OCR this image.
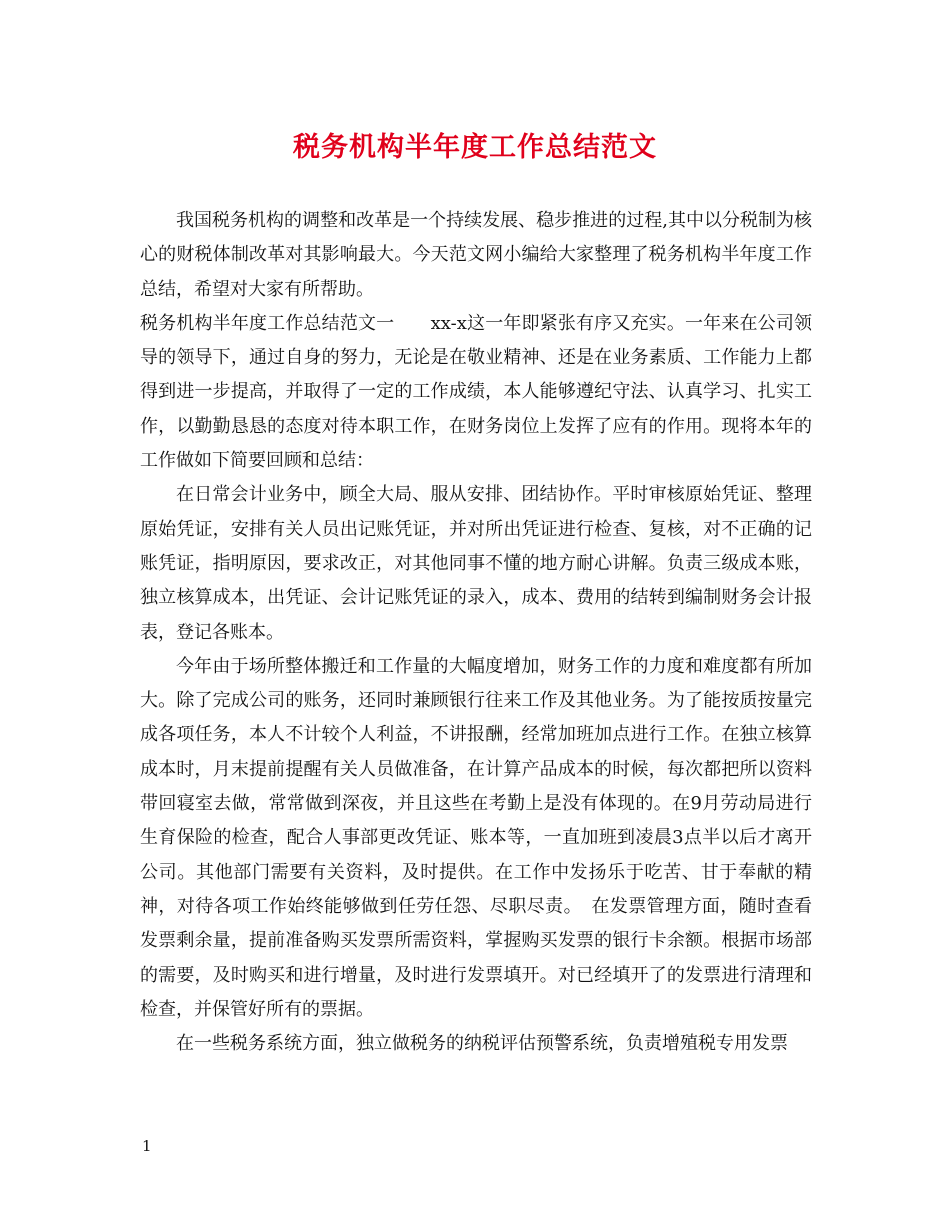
税务机构半年度工作总结范文

我国税务机构的调整和改革是一个持续发展、稳步推进的过程,其中以分税制为核心的财税体制改革对其影响最大。今天范文网小编给大家整理了税务机构半年度工作总结，希望对大家有所帮助。

税务机构半年度工作总结范文一　　xx-x这一年即紧张有序又充实。一年来在公司领导的领导下，通过自身的努力，无论是在敬业精神、还是在业务素质、工作能力上都得到进一步提高，并取得了一定的工作成绩，本人能够遵纪守法、认真学习、扎实工作，以勤勤恳恳的态度对待本职工作，在财务岗位上发挥了应有的作用。现将本年的工作做如下简要回顾和总结：

在日常会计业务中，顾全大局、服从安排、团结协作。平时审核原始凭证、整理原始凭证，安排有关人员出记账凭证，并对所出凭证进行检查、复核，对不正确的记账凭证，指明原因，要求改正，对其他同事不懂的地方耐心讲解。负责三级成本账，独立核算成本，出凭证、会计记账凭证的录入，成本、费用的结转到编制财务会计报表，登记各账本。

今年由于场所整体搬迁和工作量的大幅度增加，财务工作的力度和难度都有所加大。除了完成公司的账务，还同时兼顾银行往来工作及其他业务。为了能按质按量完成各项任务，本人不计较个人利益，不讲报酬，经常加班加点进行工作。在独立核算成本时，月末提前提醒有关人员做准备，在计算产品成本的时候，每次都把所以资料带回寝室去做，常常做到深夜，并且这些在考勤上是没有体现的。在9月劳动局进行生育保险的检查，配合人事部更改凭证、账本等，一直加班到凌晨3点半以后才离开公司。其他部门需要有关资料，及时提供。在工作中发扬乐于吃苦、甘于奉献的精神，对待各项工作始终能够做到任劳任怨、尽职尽责。　在发票管理方面，随时查看发票剩余量，提前准备购买发票所需资料，掌握购买发票的银行卡余额。根据市场部的需要，及时购买和进行增量，及时进行发票填开。对已经填开了的发票进行清理和检查，并保管好所有的票据。

在一些税务系统方面，独立做税务的纳税评估预警系统，负责增殖税专用发票

1
